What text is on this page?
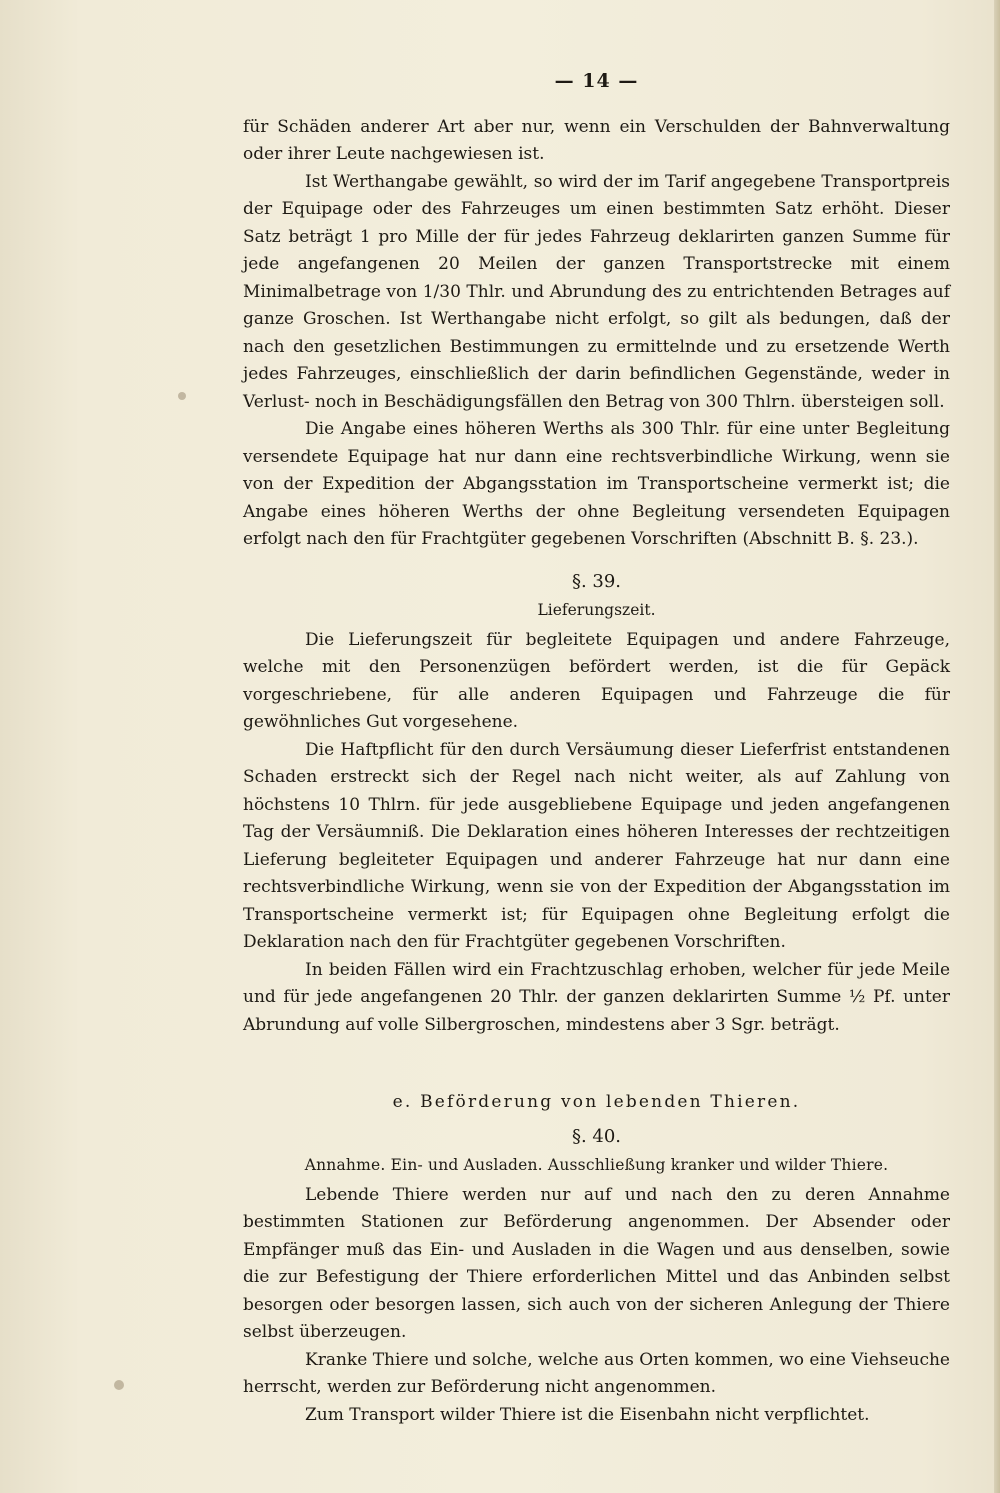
— 14 —

für Schäden anderer Art aber nur, wenn ein Verschulden der Bahnverwaltung oder ihrer Leute nachgewiesen ist.

Ist Werthangabe gewählt, so wird der im Tarif angegebene Transportpreis der Equipage oder des Fahrzeuges um einen bestimmten Satz erhöht. Dieser Satz beträgt 1 pro Mille der für jedes Fahrzeug deklarirten ganzen Summe für jede angefangenen 20 Meilen der ganzen Transportstrecke mit einem Minimalbetrage von 1/30 Thlr. und Abrundung des zu entrichtenden Betrages auf ganze Groschen. Ist Werthangabe nicht erfolgt, so gilt als bedungen, daß der nach den gesetzlichen Bestimmungen zu ermittelnde und zu ersetzende Werth jedes Fahrzeuges, einschließlich der darin befindlichen Gegenstände, weder in Verlust- noch in Beschädigungsfällen den Betrag von 300 Thlrn. übersteigen soll.

Die Angabe eines höheren Werths als 300 Thlr. für eine unter Begleitung versendete Equipage hat nur dann eine rechtsverbindliche Wirkung, wenn sie von der Expedition der Abgangsstation im Transportscheine vermerkt ist; die Angabe eines höheren Werths der ohne Begleitung versendeten Equipagen erfolgt nach den für Frachtgüter gegebenen Vorschriften (Abschnitt B. §. 23.).

§. 39.
Lieferungszeit.

Die Lieferungszeit für begleitete Equipagen und andere Fahrzeuge, welche mit den Personenzügen befördert werden, ist die für Gepäck vorgeschriebene, für alle anderen Equipagen und Fahrzeuge die für gewöhnliches Gut vorgesehene.

Die Haftpflicht für den durch Versäumung dieser Lieferfrist entstandenen Schaden erstreckt sich der Regel nach nicht weiter, als auf Zahlung von höchstens 10 Thlrn. für jede ausgebliebene Equipage und jeden angefangenen Tag der Versäumniß. Die Deklaration eines höheren Interesses der rechtzeitigen Lieferung begleiteter Equipagen und anderer Fahrzeuge hat nur dann eine rechtsverbindliche Wirkung, wenn sie von der Expedition der Abgangsstation im Transportscheine vermerkt ist; für Equipagen ohne Begleitung erfolgt die Deklaration nach den für Frachtgüter gegebenen Vorschriften.

In beiden Fällen wird ein Frachtzuschlag erhoben, welcher für jede Meile und für jede angefangenen 20 Thlr. der ganzen deklarirten Summe ½ Pf. unter Abrundung auf volle Silbergroschen, mindestens aber 3 Sgr. beträgt.

e. Beförderung von lebenden Thieren.
§. 40.
Annahme. Ein- und Ausladen. Ausschließung kranker und wilder Thiere.

Lebende Thiere werden nur auf und nach den zu deren Annahme bestimmten Stationen zur Beförderung angenommen. Der Absender oder Empfänger muß das Ein- und Ausladen in die Wagen und aus denselben, sowie die zur Befestigung der Thiere erforderlichen Mittel und das Anbinden selbst besorgen oder besorgen lassen, sich auch von der sicheren Anlegung der Thiere selbst überzeugen.

Kranke Thiere und solche, welche aus Orten kommen, wo eine Viehseuche herrscht, werden zur Beförderung nicht angenommen.

Zum Transport wilder Thiere ist die Eisenbahn nicht verpflichtet.
